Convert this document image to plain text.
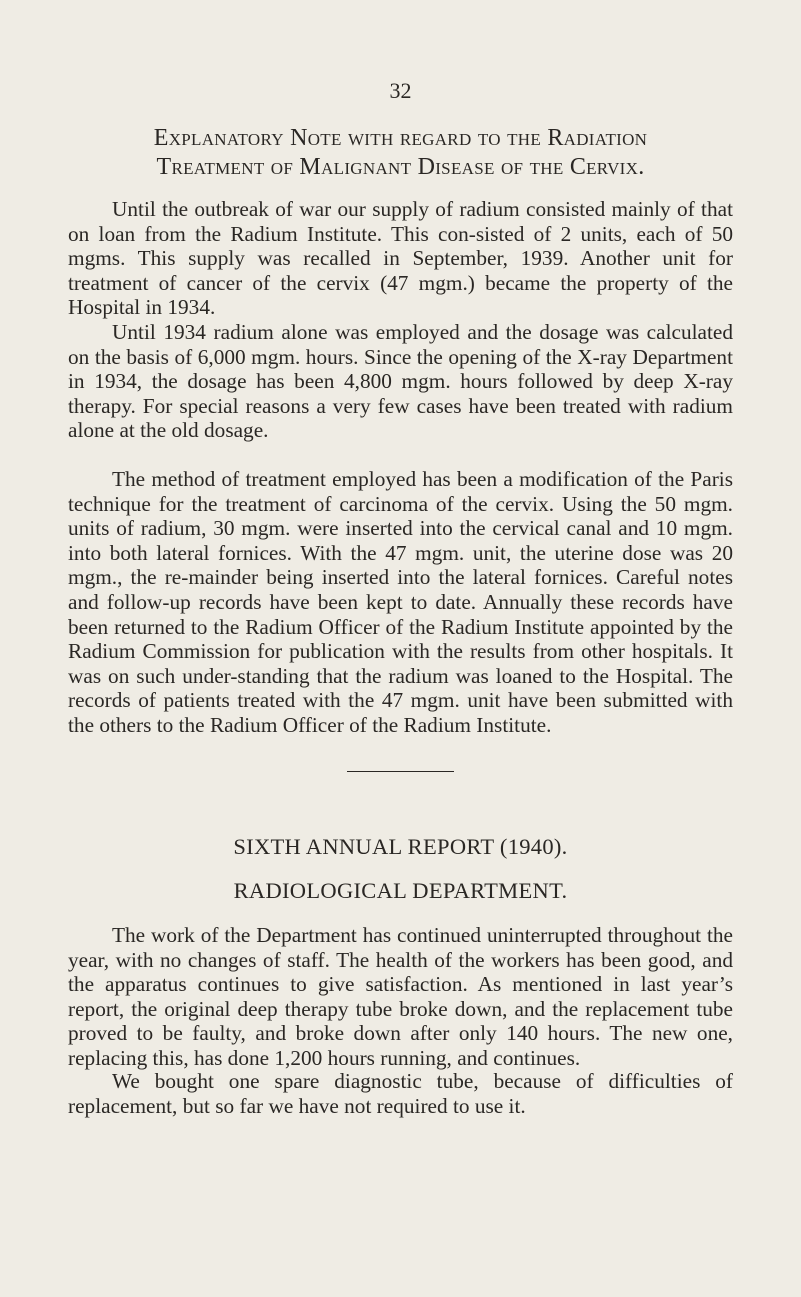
32
Explanatory Note with regard to the Radiation
Treatment of Malignant Disease of the Cervix.

Until the outbreak of war our supply of radium consisted mainly of that on loan from the Radium Institute. This con-sisted of 2 units, each of 50 mgms. This supply was recalled in September, 1939. Another unit for treatment of cancer of the cervix (47 mgm.) became the property of the Hospital in 1934.

Until 1934 radium alone was employed and the dosage was calculated on the basis of 6,000 mgm. hours. Since the opening of the X-ray Department in 1934, the dosage has been 4,800 mgm. hours followed by deep X-ray therapy. For special reasons a very few cases have been treated with radium alone at the old dosage.

The method of treatment employed has been a modification of the Paris technique for the treatment of carcinoma of the cervix. Using the 50 mgm. units of radium, 30 mgm. were inserted into the cervical canal and 10 mgm. into both lateral fornices. With the 47 mgm. unit, the uterine dose was 20 mgm., the re-mainder being inserted into the lateral fornices. Careful notes and follow-up records have been kept to date. Annually these records have been returned to the Radium Officer of the Radium Institute appointed by the Radium Commission for publication with the results from other hospitals. It was on such under-standing that the radium was loaned to the Hospital. The records of patients treated with the 47 mgm. unit have been submitted with the others to the Radium Officer of the Radium Institute.

SIXTH ANNUAL REPORT (1940).
RADIOLOGICAL DEPARTMENT.

The work of the Department has continued uninterrupted throughout the year, with no changes of staff. The health of the workers has been good, and the apparatus continues to give satisfaction. As mentioned in last year’s report, the original deep therapy tube broke down, and the replacement tube proved to be faulty, and broke down after only 140 hours. The new one, replacing this, has done 1,200 hours running, and continues.

We bought one spare diagnostic tube, because of difficulties of replacement, but so far we have not required to use it.
